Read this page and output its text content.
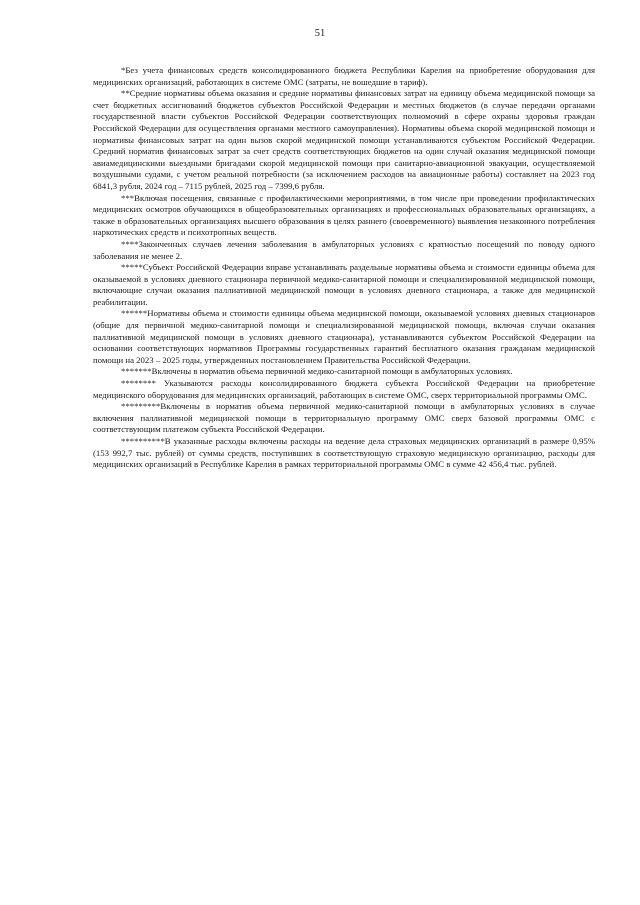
51

*Без учета финансовых средств консолидированного бюджета Республики Карелия на приобретение оборудования для медицинских организаций, работающих в системе ОМС (затраты, не вошедшие в тариф).

**Средние нормативы объема оказания и средние нормативы финансовых затрат на единицу объема медицинской помощи за счет бюджетных ассигнований бюджетов субъектов Российской Федерации и местных бюджетов (в случае передачи органами государственной власти субъектов Российской Федерации соответствующих полномочий в сфере охраны здоровья граждан Российской Федерации для осуществления органами местного самоуправления). Нормативы объема скорой медицинской помощи и нормативы финансовых затрат на один вызов скорой медицинской помощи устанавливаются субъектом Российской Федерации. Средний норматив финансовых затрат за счет средств соответствующих бюджетов на один случай оказания медицинской помощи авиамедицинскими выездными бригадами скорой медицинской помощи при санитарно-авиационной эвакуации, осуществляемой воздушными судами, с учетом реальной потребности (за исключением расходов на авиационные работы) составляет на 2023 год 6841,3 рубля, 2024 год – 7115 рублей, 2025 год – 7399,6 рубля.

***Включая посещения, связанные с профилактическими мероприятиями, в том числе при проведении профилактических медицинских осмотров обучающихся в общеобразовательных организациях и профессиональных образовательных организациях, а также в образовательных организациях высшего образования в целях раннего (своевременного) выявления незаконного потребления наркотических средств и психотропных веществ.

****Законченных случаев лечения заболевания в амбулаторных условиях с кратностью посещений по поводу одного заболевания не менее 2.

*****Субъект Российской Федерации вправе устанавливать раздельные нормативы объема и стоимости единицы объема для оказываемой в условиях дневного стационара первичной медико-санитарной помощи и специализированной медицинской помощи, включающие случаи оказания паллиативной медицинской помощи в условиях дневного стационара, а также для медицинской реабилитации.

******Нормативы объема и стоимости единицы объема медицинской помощи, оказываемой условиях дневных стационаров (общие для первичной медико-санитарной помощи и специализированной медицинской помощи, включая случаи оказания паллиативной медицинской помощи в условиях дневного стационара), устанавливаются субъектом Российской Федерации на основании соответствующих нормативов Программы государственных гарантий бесплатного оказания гражданам медицинской помощи на 2023 – 2025 годы, утвержденных постановлением Правительства Российской Федерации.

*******Включены в норматив объема первичной медико-санитарной помощи в амбулаторных условиях.

******** Указываются расходы консолидированного бюджета субъекта Российской Федерации на приобретение медицинского оборудования для медицинских организаций, работающих в системе ОМС, сверх территориальной программы ОМС.

*********Включены в норматив объема первичной медико-санитарной помощи в амбулаторных условиях в случае включения паллиативной медицинской помощи в территориальную программу ОМС сверх базовой программы ОМС с соответствующим платежом субъекта Российской Федерации.

**********В указанные расходы включены расходы на ведение дела страховых медицинских организаций в размере 0,95% (153 992,7 тыс. рублей) от суммы средств, поступивших в соответствующую страховую медицинскую организацию, расходы для медицинских организаций в Республике Карелия в рамках территориальной программы ОМС в сумме 42 456,4 тыс. рублей.
